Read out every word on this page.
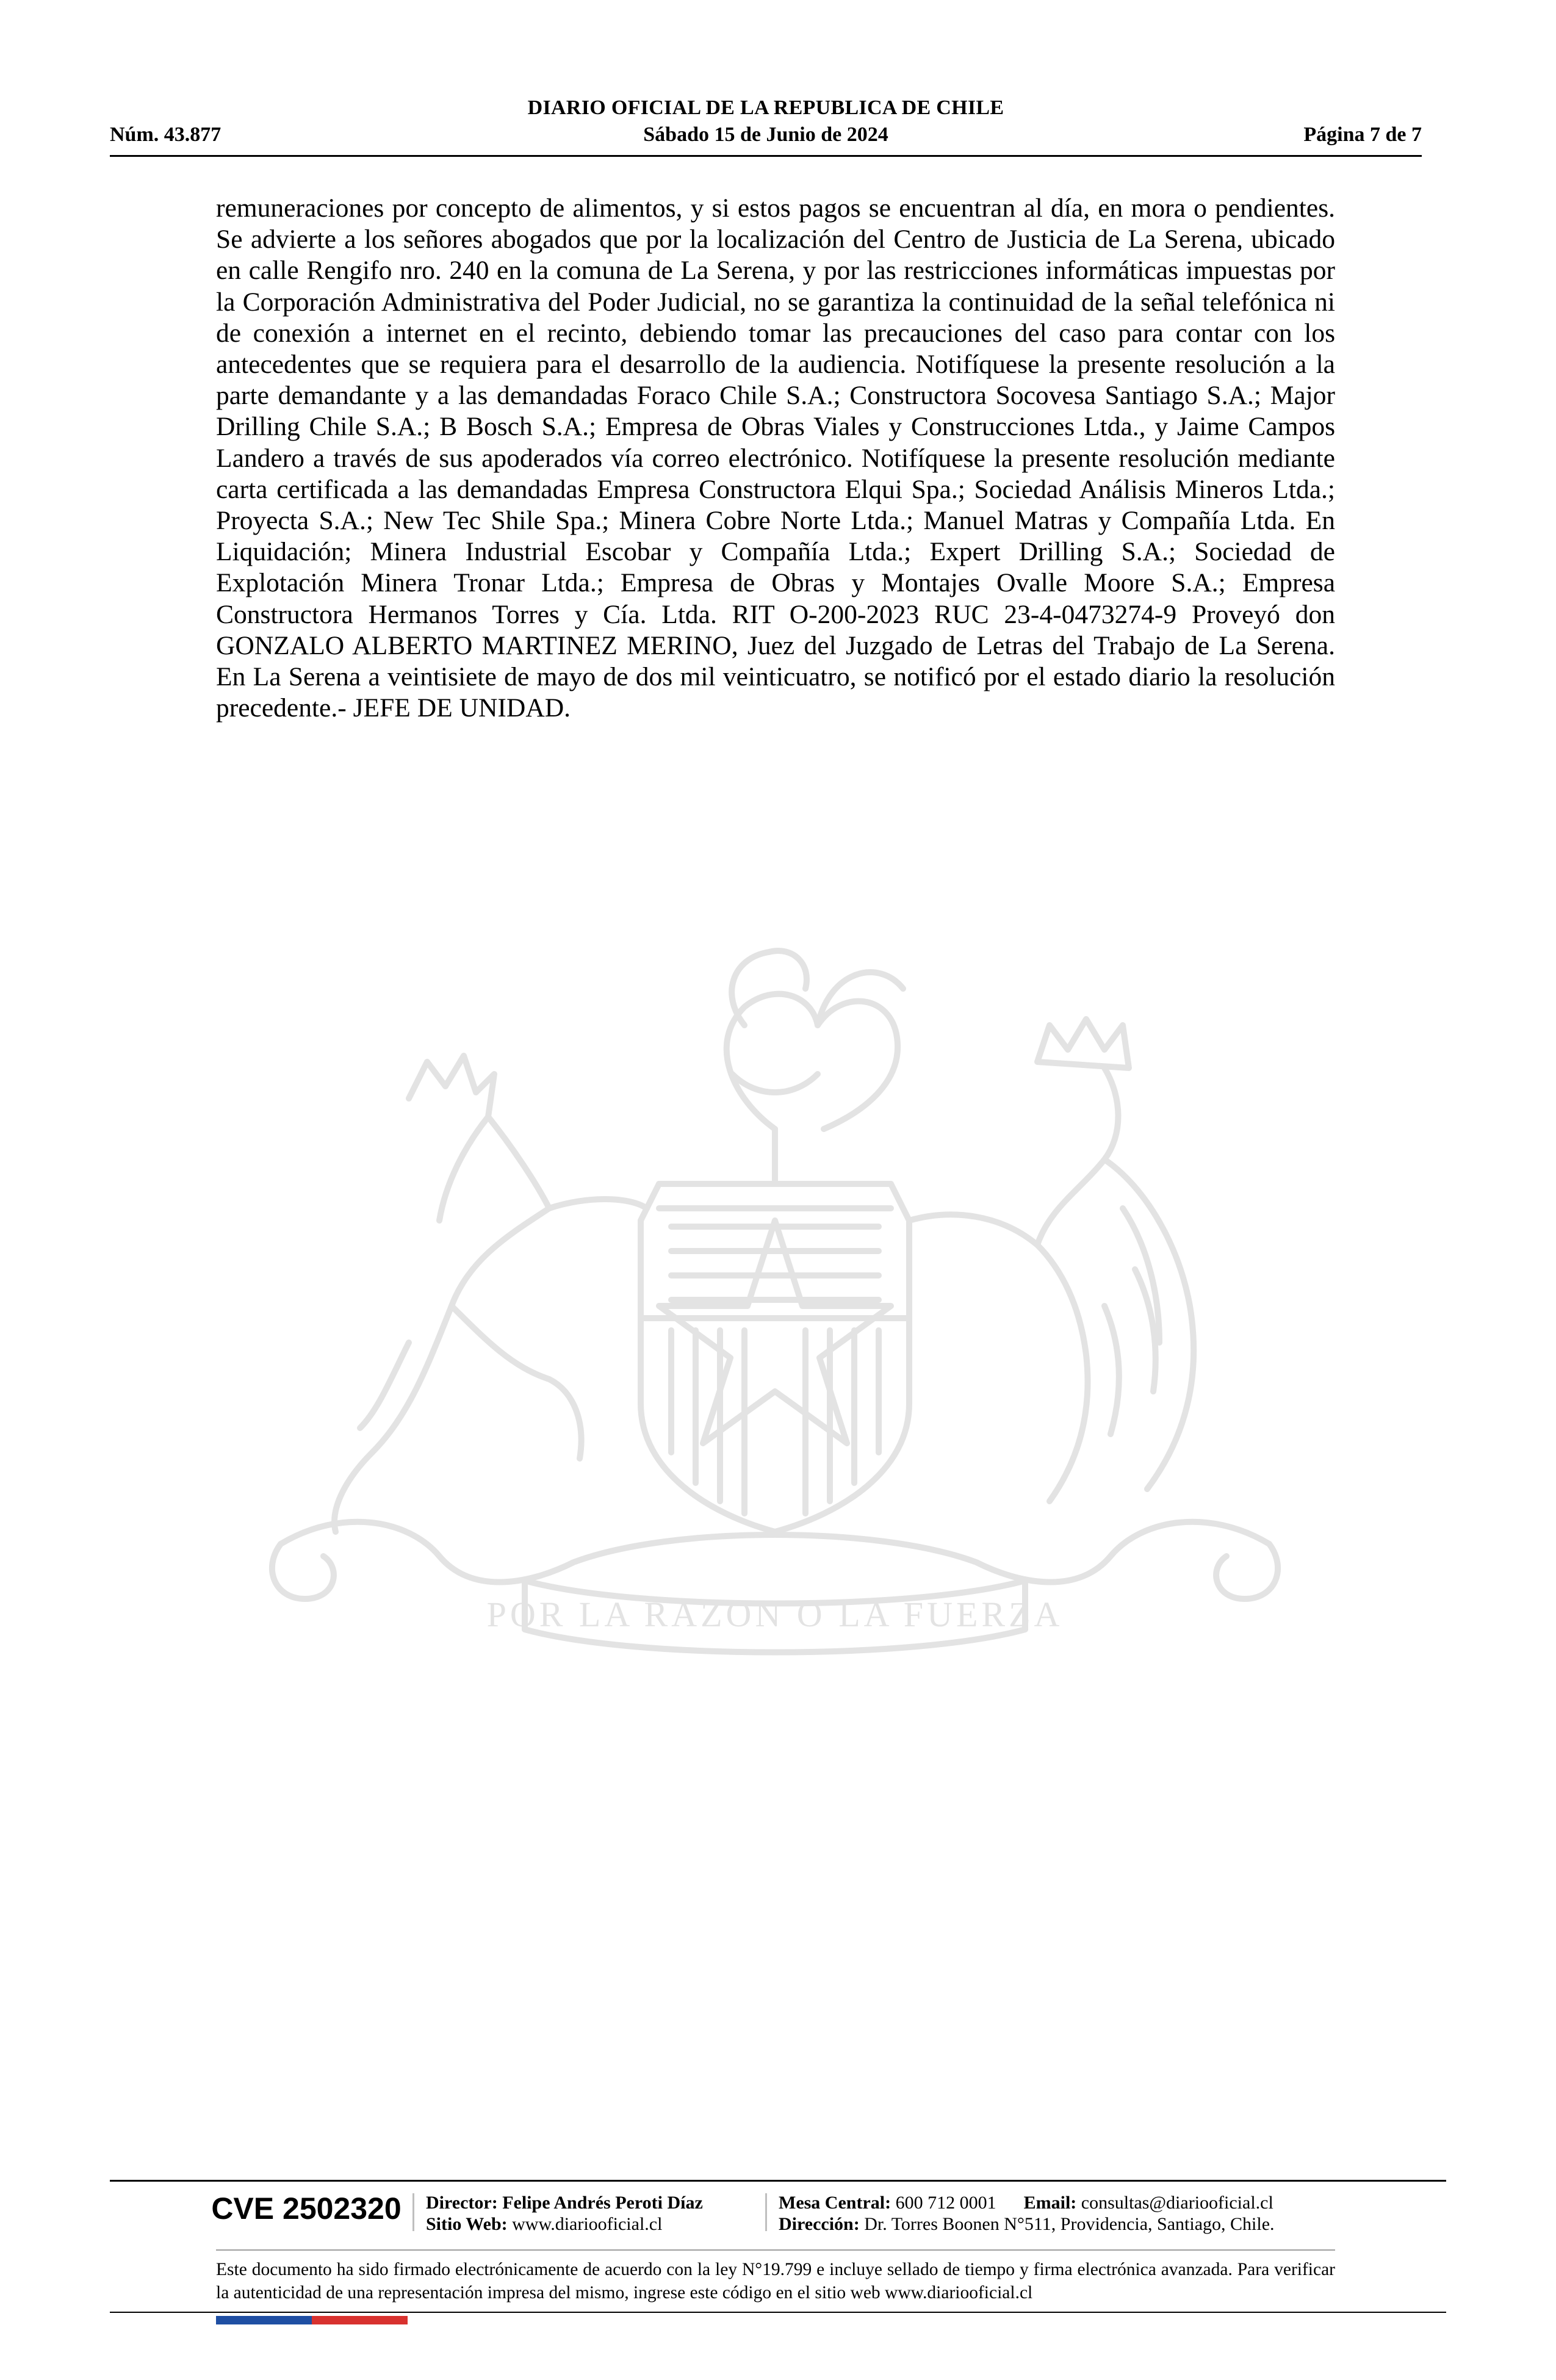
DIARIO OFICIAL DE LA REPUBLICA DE CHILE
Núm. 43.877	Sábado 15 de Junio de 2024	Página 7 de 7

remuneraciones por concepto de alimentos, y si estos pagos se encuentran al día, en mora o pendientes. Se advierte a los señores abogados que por la localización del Centro de Justicia de La Serena, ubicado en calle Rengifo nro. 240 en la comuna de La Serena, y por las restricciones informáticas impuestas por la Corporación Administrativa del Poder Judicial, no se garantiza la continuidad de la señal telefónica ni de conexión a internet en el recinto, debiendo tomar las precauciones del caso para contar con los antecedentes que se requiera para el desarrollo de la audiencia. Notifíquese la presente resolución a la parte demandante y a las demandadas Foraco Chile S.A.; Constructora Socovesa Santiago S.A.; Major Drilling Chile S.A.; B Bosch S.A.; Empresa de Obras Viales y Construcciones Ltda., y Jaime Campos Landero a través de sus apoderados vía correo electrónico. Notifíquese la presente resolución mediante carta certificada a las demandadas Empresa Constructora Elqui Spa.; Sociedad Análisis Mineros Ltda.; Proyecta S.A.; New Tec Shile Spa.; Minera Cobre Norte Ltda.; Manuel Matras y Compañía Ltda. En Liquidación; Minera Industrial Escobar y Compañía Ltda.; Expert Drilling S.A.; Sociedad de Explotación Minera Tronar Ltda.; Empresa de Obras y Montajes Ovalle Moore S.A.; Empresa Constructora Hermanos Torres y Cía. Ltda. RIT O-200-2023 RUC 23-4-0473274-9 Proveyó don GONZALO ALBERTO MARTINEZ MERINO, Juez del Juzgado de Letras del Trabajo de La Serena. En La Serena a veintisiete de mayo de dos mil veinticuatro, se notificó por el estado diario la resolución precedente.- JEFE DE UNIDAD.

POR LA RAZON O LA FUERZA
CVE 2502320 Director: Felipe Andrés Peroti Díaz
Sitio Web: www.diariooficial.cl
Mesa Central: 600 712 0001 Email: consultas@diariooficial.cl
Dirección: Dr. Torres Boonen N°511, Providencia, Santiago, Chile.
Este documento ha sido firmado electrónicamente de acuerdo con la ley N°19.799 e incluye sellado de tiempo y firma electrónica avanzada. Para verificar la autenticidad de una representación impresa del mismo, ingrese este código en el sitio web www.diariooficial.cl
